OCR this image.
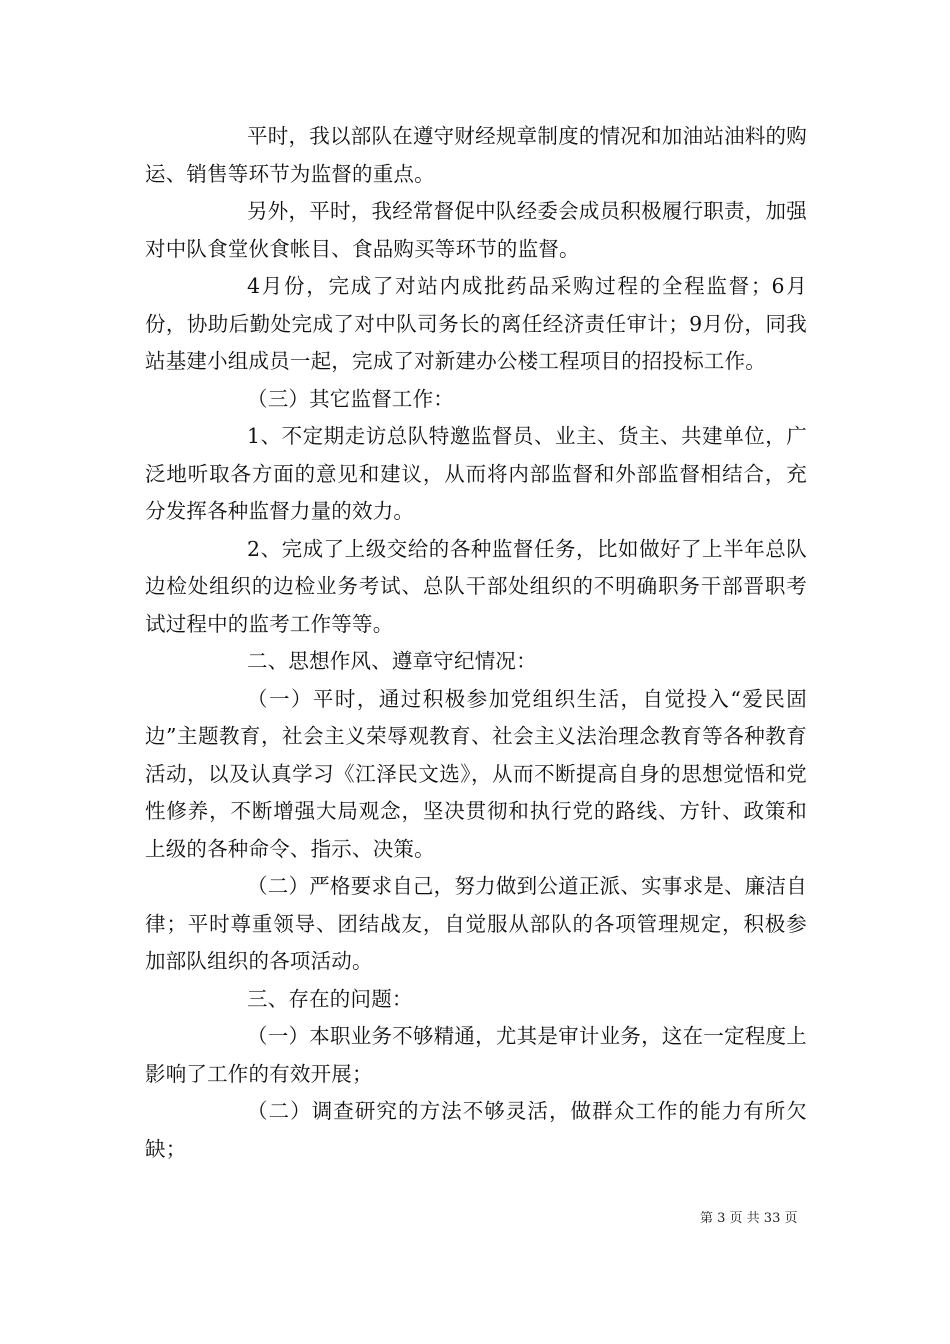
平时，我以部队在遵守财经规章制度的情况和加油站油料的购运、销售等环节为监督的重点。

另外，平时，我经常督促中队经委会成员积极履行职责，加强对中队食堂伙食帐目、食品购买等环节的监督。

4月份，完成了对站内成批药品采购过程的全程监督；6月份，协助后勤处完成了对中队司务长的离任经济责任审计；9月份，同我站基建小组成员一起，完成了对新建办公楼工程项目的招投标工作。

（三）其它监督工作：

1、不定期走访总队特邀监督员、业主、货主、共建单位，广泛地听取各方面的意见和建议，从而将内部监督和外部监督相结合，充分发挥各种监督力量的效力。

2、完成了上级交给的各种监督任务，比如做好了上半年总队边检处组织的边检业务考试、总队干部处组织的不明确职务干部晋职考试过程中的监考工作等等。

二、思想作风、遵章守纪情况：

（一）平时，通过积极参加党组织生活，自觉投入“爱民固边”主题教育，社会主义荣辱观教育、社会主义法治理念教育等各种教育活动，以及认真学习《江泽民文选》，从而不断提高自身的思想觉悟和党性修养，不断增强大局观念，坚决贯彻和执行党的路线、方针、政策和上级的各种命令、指示、决策。

（二）严格要求自己，努力做到公道正派、实事求是、廉洁自律；平时尊重领导、团结战友，自觉服从部队的各项管理规定，积极参加部队组织的各项活动。

三、存在的问题：

（一）本职业务不够精通，尤其是审计业务，这在一定程度上影响了工作的有效开展；

（二）调查研究的方法不够灵活，做群众工作的能力有所欠缺；

第 3 页 共 33 页
